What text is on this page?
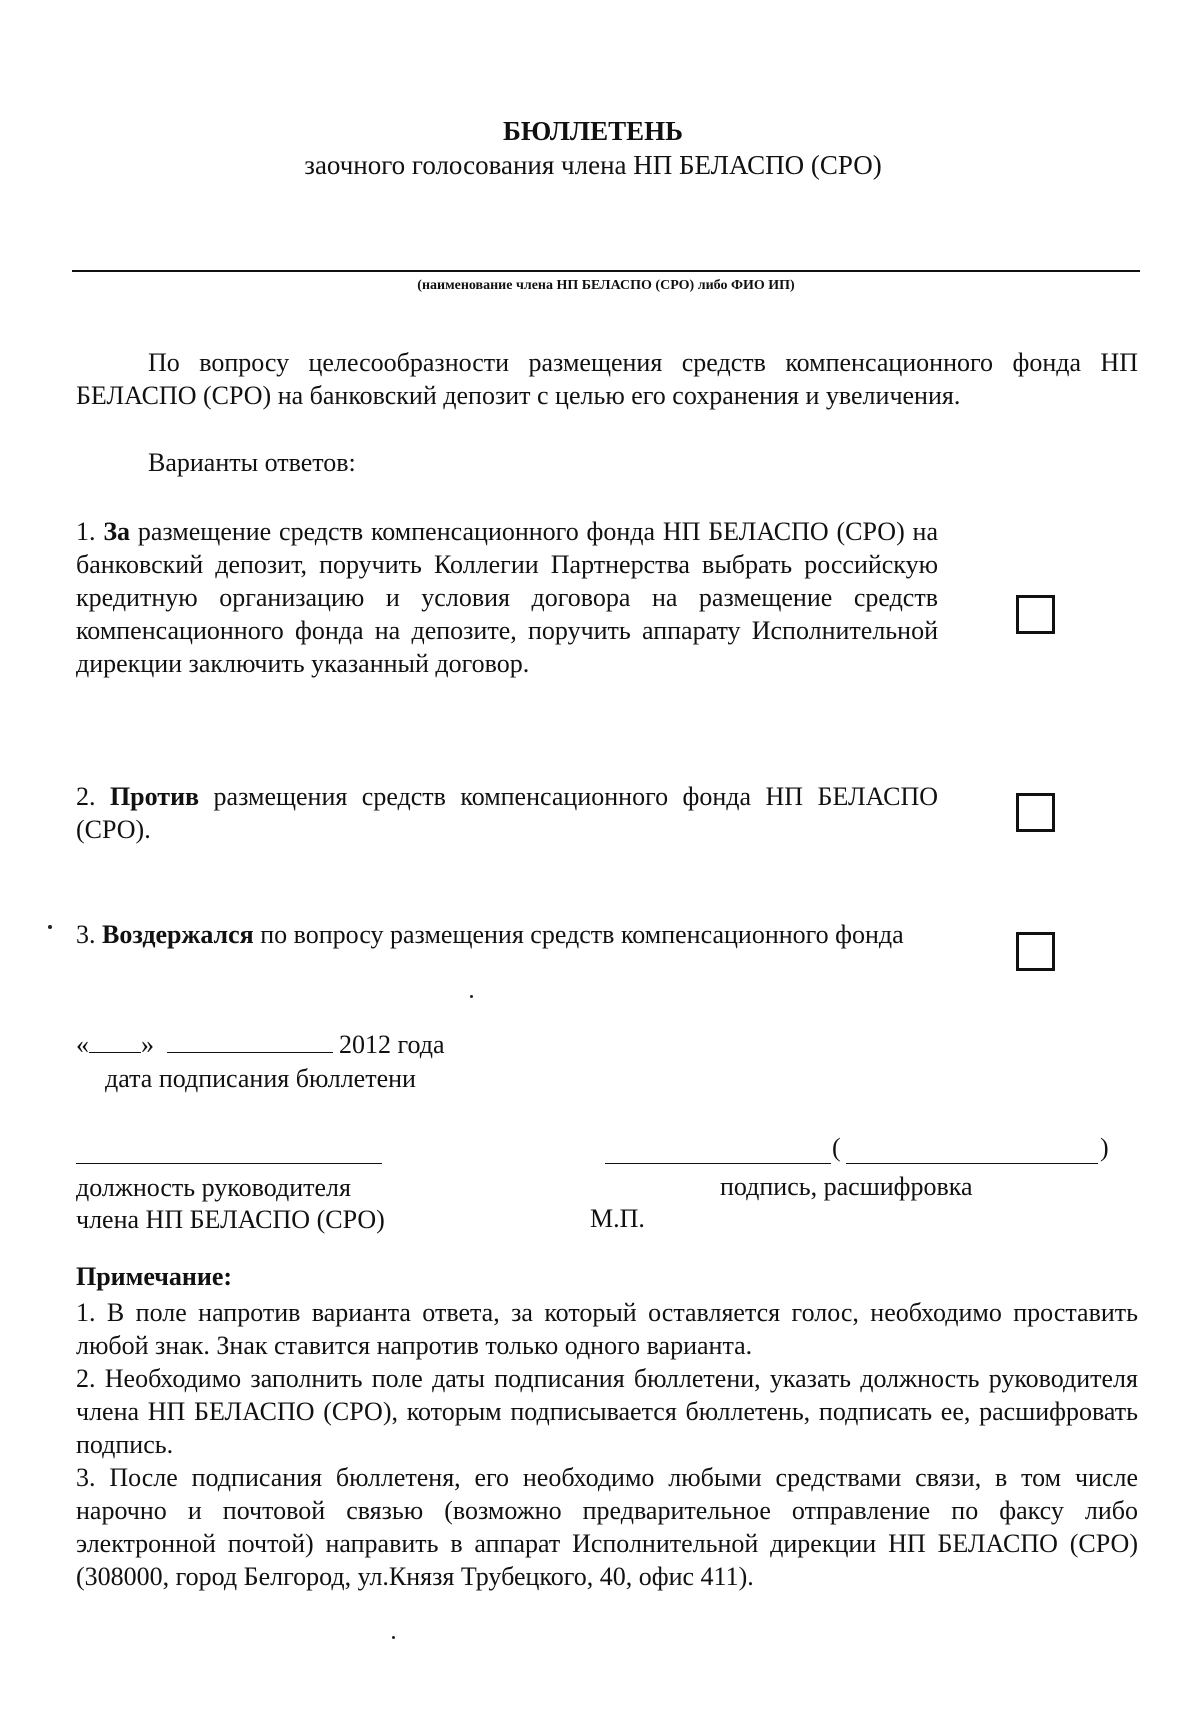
БЮЛЛЕТЕНЬ
заочного голосования члена НП БЕЛАСПО (СРО)
(наименование члена НП БЕЛАСПО (СРО) либо ФИО ИП)
По вопросу целесообразности размещения средств компенсационного фонда НП БЕЛАСПО (СРО) на банковский депозит с целью его сохранения и увеличения.
Варианты ответов:
1. За размещение средств компенсационного фонда НП БЕЛАСПО (СРО) на банковский депозит, поручить Коллегии Партнерства выбрать российскую кредитную организацию и условия договора на размещение средств компенсационного фонда на депозите, поручить аппарату Исполнительной дирекции заключить указанный договор.
2. Против размещения средств компенсационного фонда НП БЕЛАСПО (СРО).
3. Воздержался по вопросу размещения средств компенсационного фонда
« »	2012 года
дата подписания бюллетени
(	)
должность руководителя
члена НП БЕЛАСПО (СРО)
подпись, расшифровка
М.П.
Примечание:

1. В поле напротив варианта ответа, за который оставляется голос, необходимо проставить любой знак. Знак ставится напротив только одного варианта.

2. Необходимо заполнить поле даты подписания бюллетени, указать должность руководителя члена НП БЕЛАСПО (СРО), которым подписывается бюллетень, подписать ее, расшифровать подпись.

3. После подписания бюллетеня, его необходимо любыми средствами связи, в том числе нарочно и почтовой связью (возможно предварительное отправление по факсу либо электронной почтой) направить в аппарат Исполнительной дирекции НП БЕЛАСПО (СРО) (308000, город Белгород, ул.Князя Трубецкого, 40, офис 411).
